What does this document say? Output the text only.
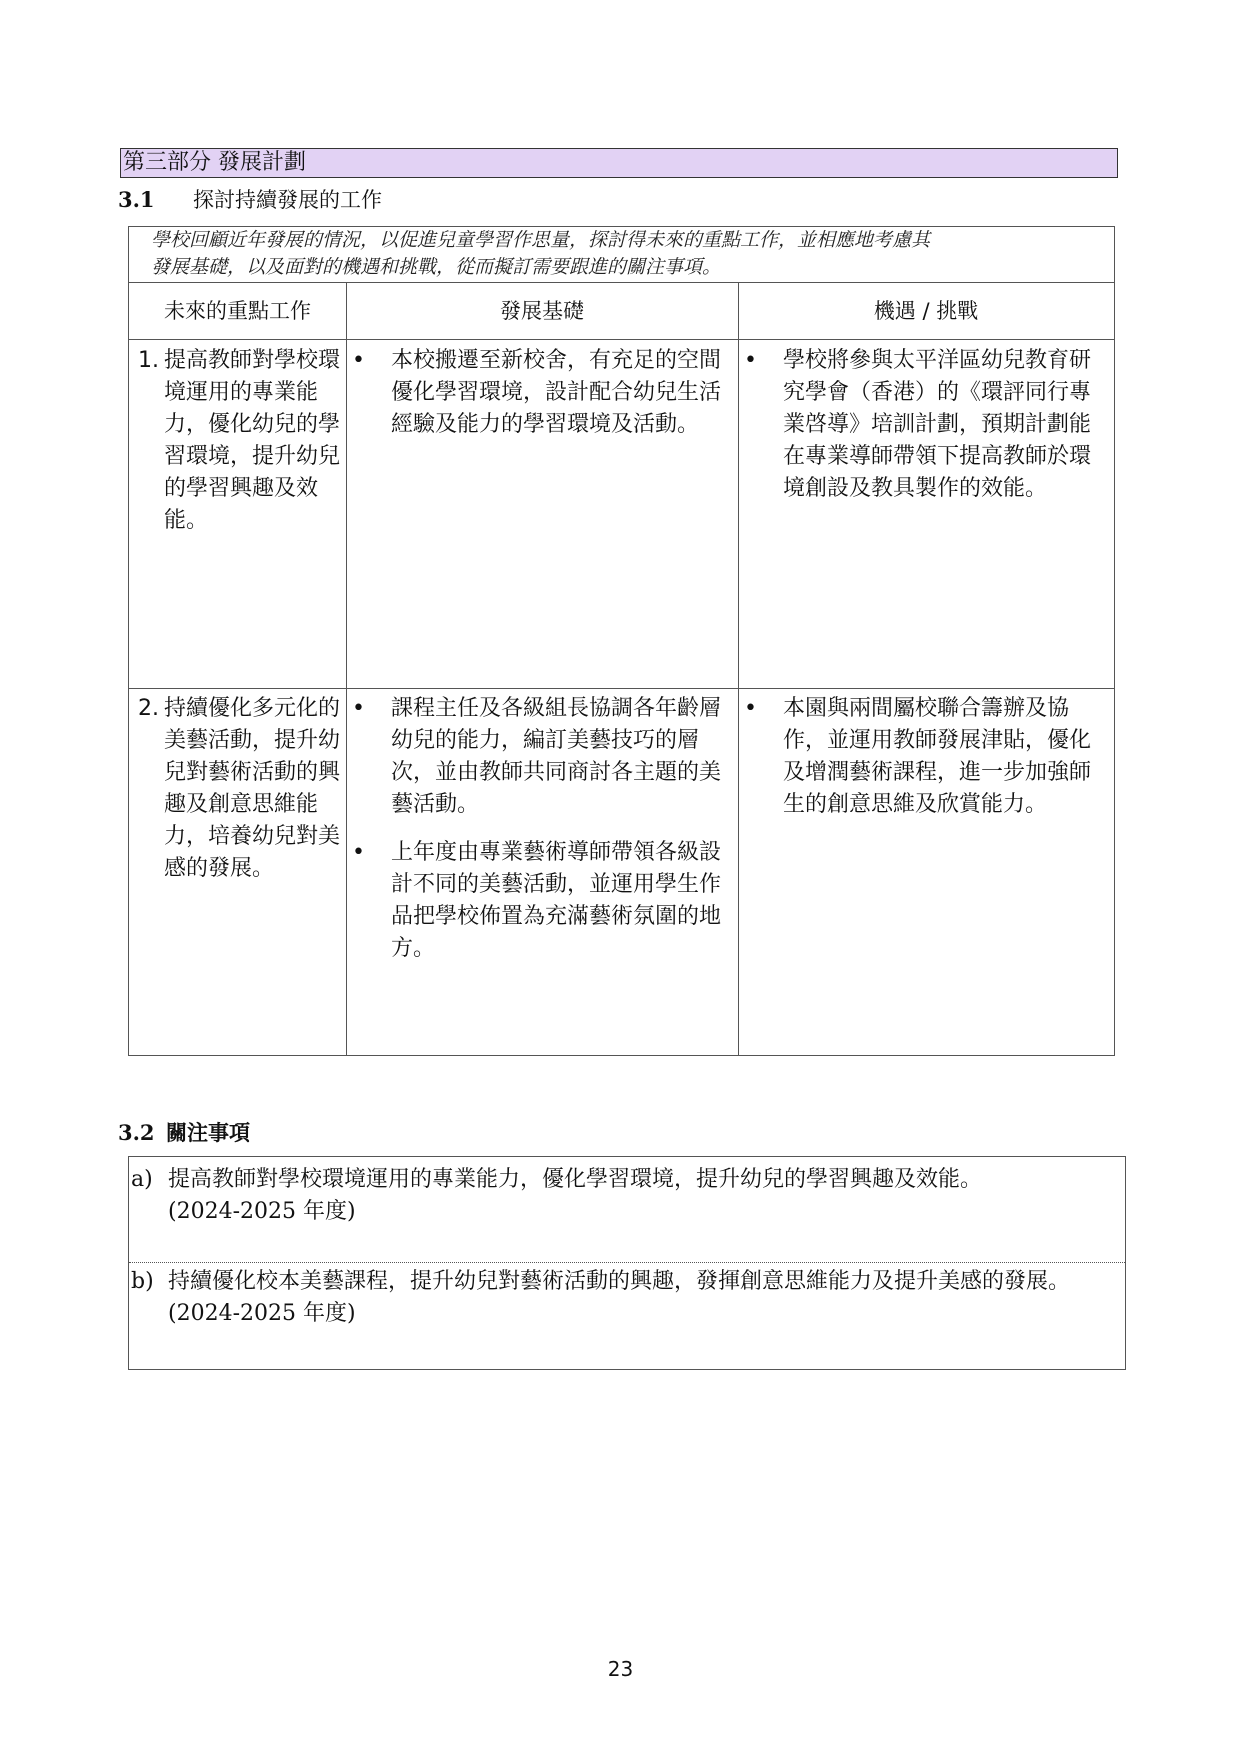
第三部分 發展計劃
3.1 探討持續發展的工作
學校回顧近年發展的情況，以促進兒童學習作思量，探討得未來的重點工作，並相應地考慮其
發展基礎，以及面對的機遇和挑戰，從而擬訂需要跟進的關注事項。
未來的重點工作	發展基礎	機遇 / 挑戰
1. 提高教師對學校環境運用的專業能力，優化幼兒的學習環境，提升幼兒的學習興趣及效能。
• 本校搬遷至新校舍，有充足的空間優化學習環境，設計配合幼兒生活經驗及能力的學習環境及活動。
• 學校將參與太平洋區幼兒教育研究學會（香港）的《環評同行專業啓導》培訓計劃，預期計劃能在專業導師帶領下提高教師於環境創設及教具製作的效能。
2. 持續優化多元化的美藝活動，提升幼兒對藝術活動的興趣及創意思維能力，培養幼兒對美感的發展。
• 課程主任及各級組長協調各年齡層幼兒的能力，編訂美藝技巧的層次，並由教師共同商討各主題的美藝活動。
• 上年度由專業藝術導師帶領各級設計不同的美藝活動，並運用學生作品把學校佈置為充滿藝術氛圍的地方。
• 本園與兩間屬校聯合籌辦及協作，並運用教師發展津貼，優化及增潤藝術課程，進一步加強師生的創意思維及欣賞能力。
3.2 關注事項
a) 提高教師對學校環境運用的專業能力，優化學習環境，提升幼兒的學習興趣及效能。
(2024-2025 年度)
b) 持續優化校本美藝課程，提升幼兒對藝術活動的興趣，發揮創意思維能力及提升美感的發展。 (2024-2025 年度)
23
